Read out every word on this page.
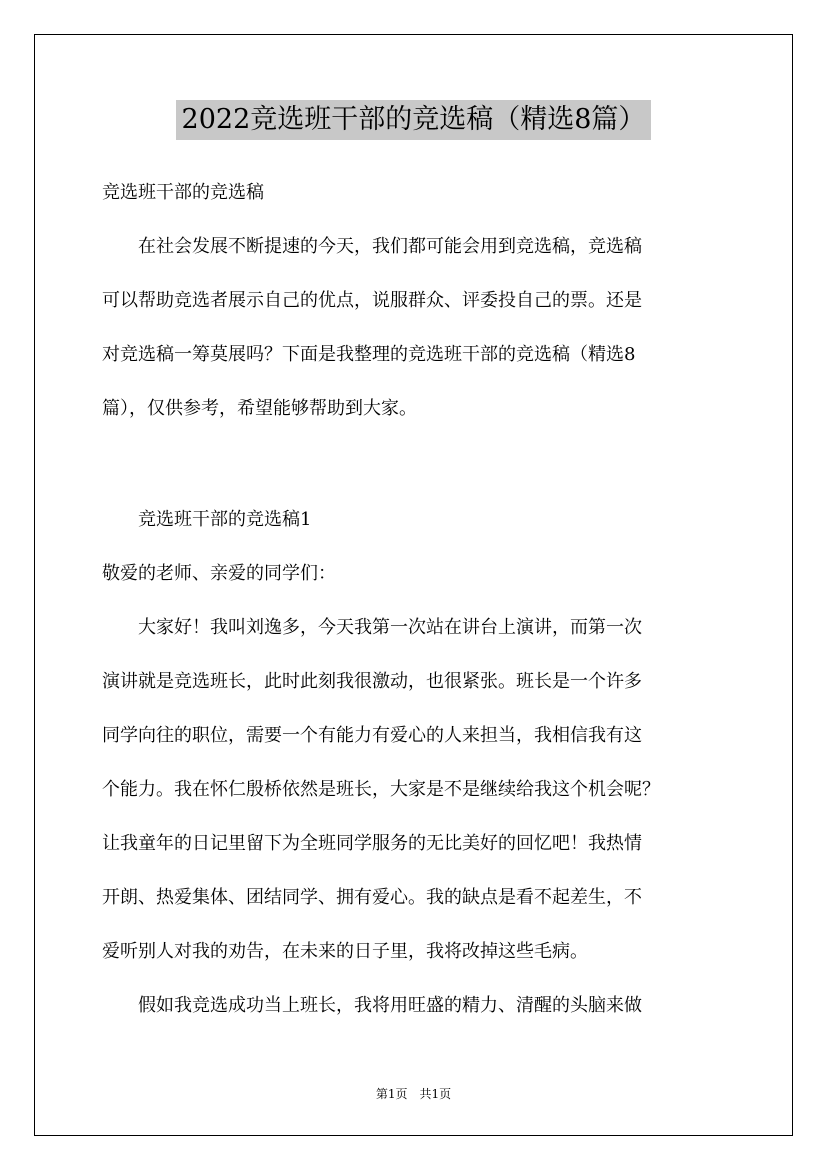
2022竞选班干部的竞选稿（精选8篇）
竞选班干部的竞选稿
　　在社会发展不断提速的今天，我们都可能会用到竞选稿，竞选稿
可以帮助竞选者展示自己的优点，说服群众、评委投自己的票。还是
对竞选稿一筹莫展吗？下面是我整理的竞选班干部的竞选稿（精选8
篇），仅供参考，希望能够帮助到大家。
　　竞选班干部的竞选稿1
敬爱的老师、亲爱的同学们：
　　大家好！我叫刘逸多，今天我第一次站在讲台上演讲，而第一次
演讲就是竞选班长，此时此刻我很激动，也很紧张。班长是一个许多
同学向往的职位，需要一个有能力有爱心的人来担当，我相信我有这
个能力。我在怀仁殷桥依然是班长，大家是不是继续给我这个机会呢？
让我童年的日记里留下为全班同学服务的无比美好的回忆吧！我热情
开朗、热爱集体、团结同学、拥有爱心。我的缺点是看不起差生，不
爱听别人对我的劝告，在未来的日子里，我将改掉这些毛病。
　　假如我竞选成功当上班长，我将用旺盛的精力、清醒的头脑来做
第1页　共1页
